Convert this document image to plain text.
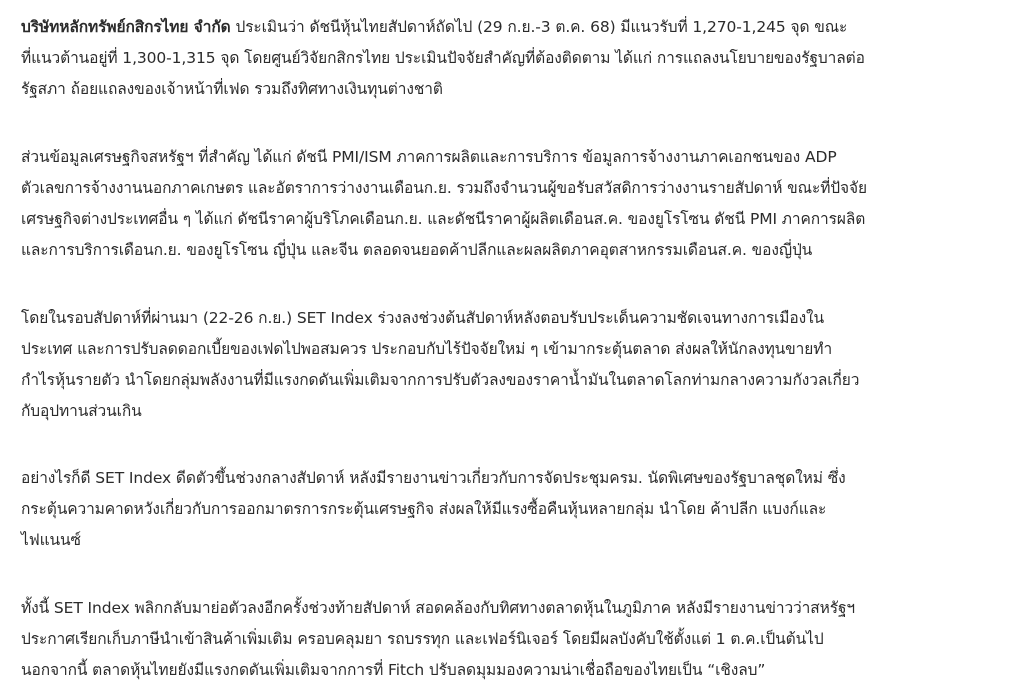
บริษัทหลักทรัพย์กสิกรไทย จำกัด ประเมินว่า ดัชนีหุ้นไทยสัปดาห์ถัดไป (29 ก.ย.-3 ต.ค. 68) มีแนวรับที่ 1,270-1,245 จุด ขณะ
ที่แนวต้านอยู่ที่ 1,300-1,315 จุด โดยศูนย์วิจัยกสิกรไทย ประเมินปัจจัยสำคัญที่ต้องติดตาม ได้แก่ การแถลงนโยบายของรัฐบาลต่อ
รัฐสภา ถ้อยแถลงของเจ้าหน้าที่เฟด รวมถึงทิศทางเงินทุนต่างชาติ

ส่วนข้อมูลเศรษฐกิจสหรัฐฯ ที่สำคัญ ได้แก่ ดัชนี PMI/ISM ภาคการผลิตและการบริการ ข้อมูลการจ้างงานภาคเอกชนของ ADP
ตัวเลขการจ้างงานนอกภาคเกษตร และอัตราการว่างงานเดือนก.ย. รวมถึงจำนวนผู้ขอรับสวัสดิการว่างงานรายสัปดาห์ ขณะที่ปัจจัย
เศรษฐกิจต่างประเทศอื่น ๆ ได้แก่ ดัชนีราคาผู้บริโภคเดือนก.ย. และดัชนีราคาผู้ผลิตเดือนส.ค. ของยูโรโซน ดัชนี PMI ภาคการผลิต
และการบริการเดือนก.ย. ของยูโรโซน ญี่ปุ่น และจีน ตลอดจนยอดค้าปลีกและผลผลิตภาคอุตสาหกรรมเดือนส.ค. ของญี่ปุ่น

โดยในรอบสัปดาห์ที่ผ่านมา (22-26 ก.ย.) SET Index ร่วงลงช่วงต้นสัปดาห์หลังตอบรับประเด็นความชัดเจนทางการเมืองใน
ประเทศ และการปรับลดดอกเบี้ยของเฟดไปพอสมควร ประกอบกับไร้ปัจจัยใหม่ ๆ เข้ามากระตุ้นตลาด ส่งผลให้นักลงทุนขายทำ
กำไรหุ้นรายตัว นำโดยกลุ่มพลังงานที่มีแรงกดดันเพิ่มเติมจากการปรับตัวลงของราคาน้ำมันในตลาดโลกท่ามกลางความกังวลเกี่ยว
กับอุปทานส่วนเกิน

อย่างไรก็ดี SET Index ดีดตัวขึ้นช่วงกลางสัปดาห์ หลังมีรายงานข่าวเกี่ยวกับการจัดประชุมครม. นัดพิเศษของรัฐบาลชุดใหม่ ซึ่ง
กระตุ้นความคาดหวังเกี่ยวกับการออกมาตรการกระตุ้นเศรษฐกิจ ส่งผลให้มีแรงซื้อคืนหุ้นหลายกลุ่ม นำโดย ค้าปลีก แบงก์และ
ไฟแนนซ์

ทั้งนี้ SET Index พลิกกลับมาย่อตัวลงอีกครั้งช่วงท้ายสัปดาห์ สอดคล้องกับทิศทางตลาดหุ้นในภูมิภาค หลังมีรายงานข่าวว่าสหรัฐฯ
ประกาศเรียกเก็บภาษีนำเข้าสินค้าเพิ่มเติม ครอบคลุมยา รถบรรทุก และเฟอร์นิเจอร์ โดยมีผลบังคับใช้ตั้งแต่ 1 ต.ค.เป็นต้นไป
นอกจากนี้ ตลาดหุ้นไทยยังมีแรงกดดันเพิ่มเติมจากการที่ Fitch ปรับลดมุมมองความน่าเชื่อถือของไทยเป็น “เชิงลบ”
